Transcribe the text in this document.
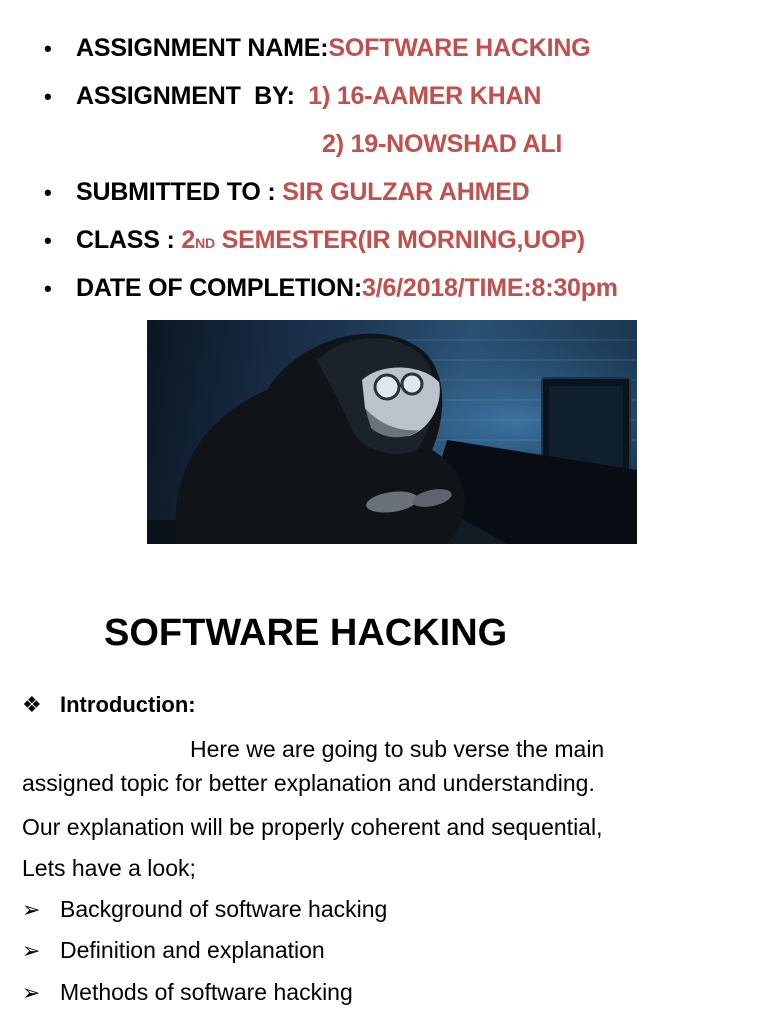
• ASSIGNMENT NAME: SOFTWARE HACKING
• ASSIGNMENT  BY: 1) 16-AAMER KHAN
2) 19-NOWSHAD ALI
• SUBMITTED TO : SIR GULZAR AHMED
• CLASS : 2 ND SEMESTER(IR MORNING,UOP)
• DATE OF COMPLETION: 3/6/2018/TIME:8:30pm
SOFTWARE HACKING
❖ Introduction:
Here we are going to sub verse the main
assigned topic for better explanation and understanding.
Our explanation will be properly coherent and sequential,
Lets have a look;
➢ Background of software hacking
➢ Definition and explanation
➢ Methods of software hacking
